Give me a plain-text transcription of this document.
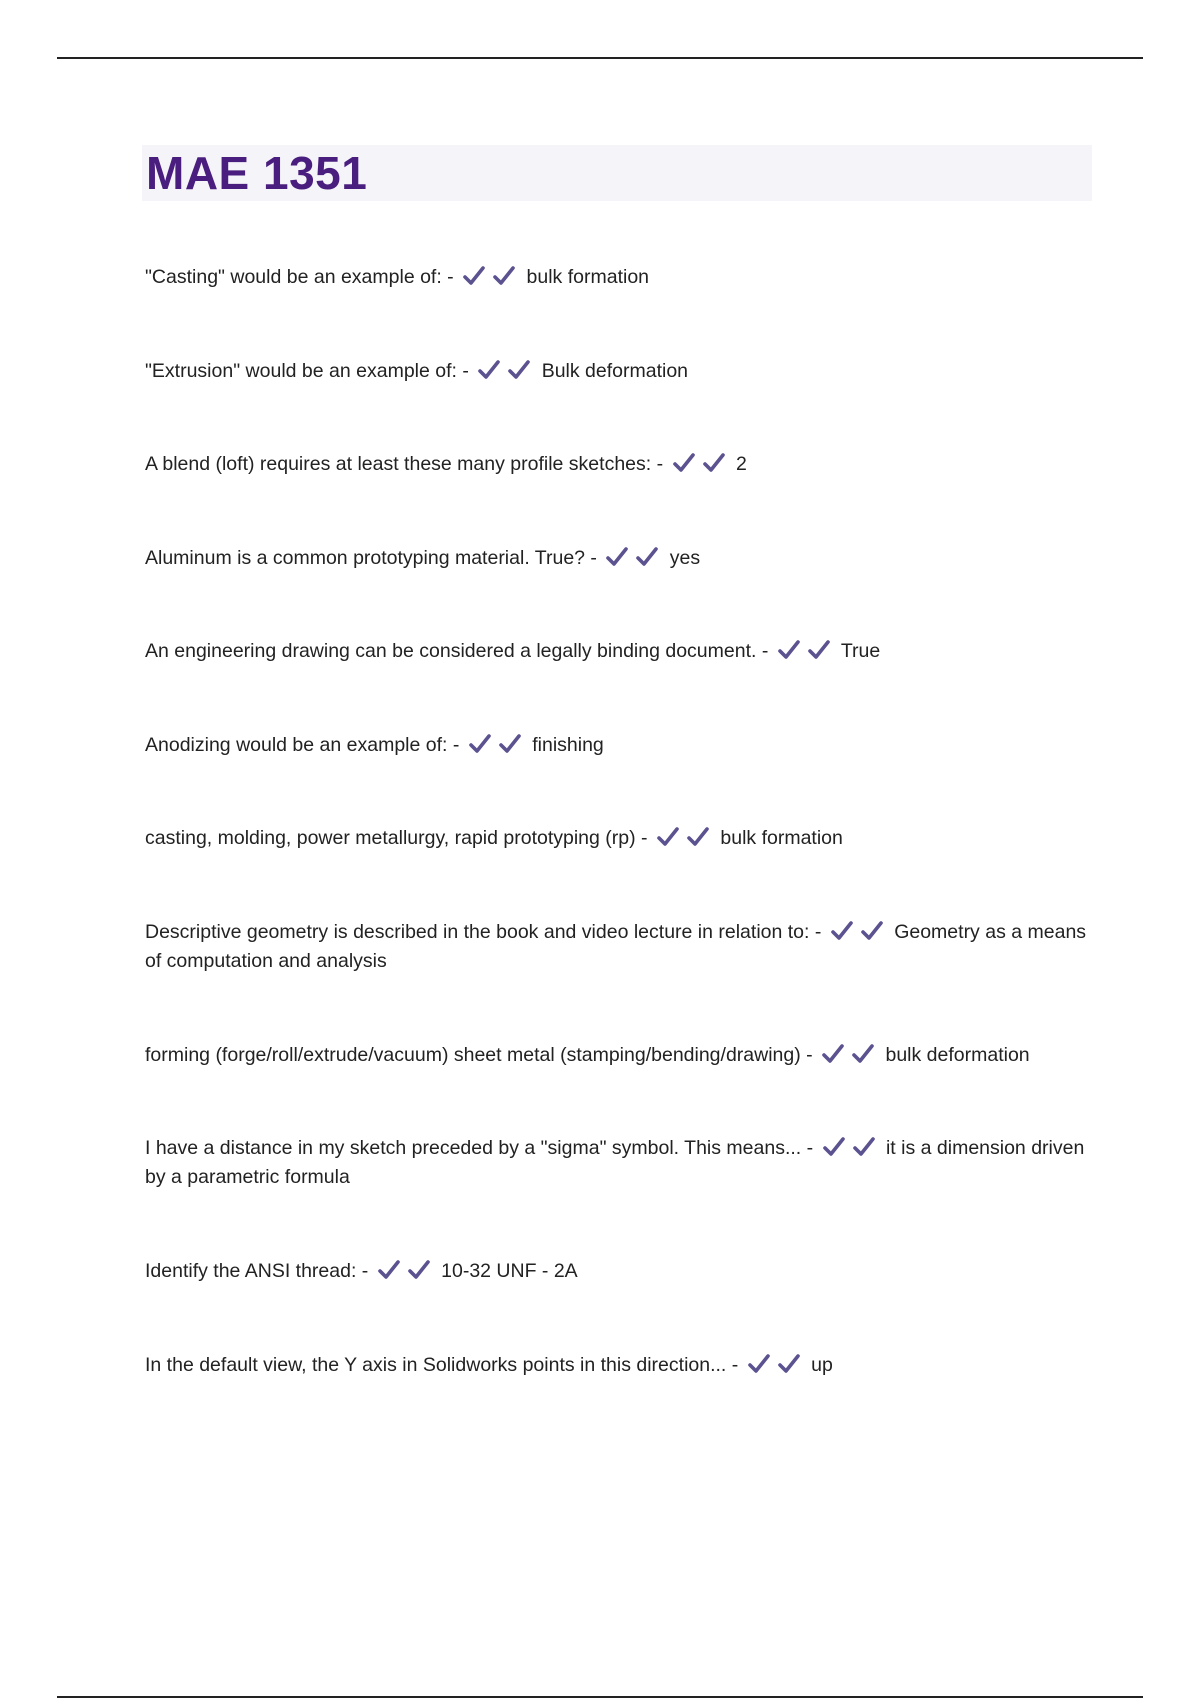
MAE 1351

"Casting" would be an example of: -	bulk formation

"Extrusion" would be an example of: -	Bulk deformation

A blend (loft) requires at least these many profile sketches: -	2

Aluminum is a common prototyping material. True? -	yes

An engineering drawing can be considered a legally binding document. -	True

Anodizing would be an example of: -	finishing

casting, molding, power metallurgy, rapid prototyping (rp) -	bulk formation

Descriptive geometry is described in the book and video lecture in relation to: -	Geometry as a means of computation and analysis

forming (forge/roll/extrude/vacuum) sheet metal (stamping/bending/drawing) -	bulk deformation

I have a distance in my sketch preceded by a "sigma" symbol. This means... -	it is a dimension driven by a parametric formula

Identify the ANSI thread: -	10-32 UNF - 2A

In the default view, the Y axis in Solidworks points in this direction... -	up
